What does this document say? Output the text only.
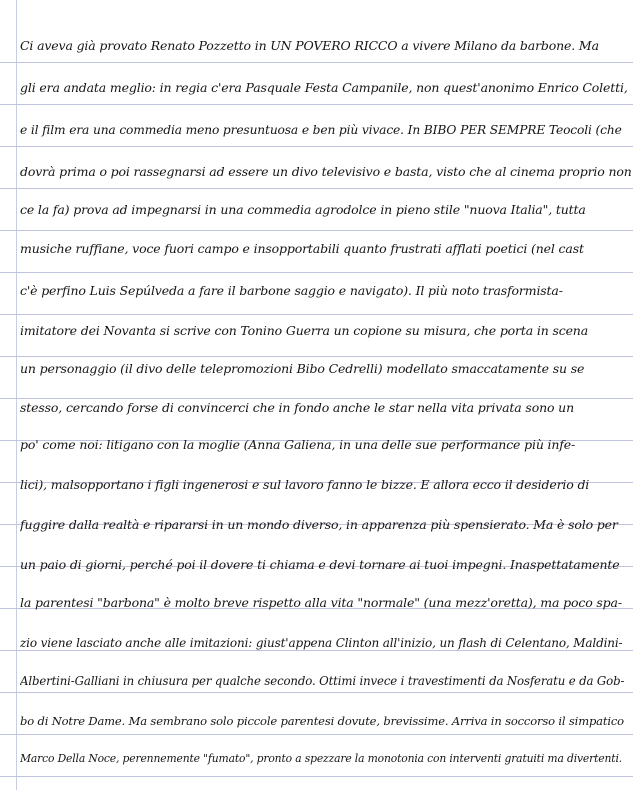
Ci aveva già provato Renato Pozzetto in UN POVERO RICCO a vivere Milano da barbone. Ma
gli era andata meglio: in regia c'era Pasquale Festa Campanile, non quest'anonimo Enrico Coletti,
e il film era una commedia meno presuntuosa e ben più vivace. In BIBO PER SEMPRE Teocoli (che
dovrà prima o poi rassegnarsi ad essere un divo televisivo e basta, visto che al cinema proprio non
ce la fa) prova ad impegnarsi in una commedia agrodolce in pieno stile "nuova Italia", tutta
musiche ruffiane, voce fuori campo e insopportabili quanto frustrati afflati poetici (nel cast
c'è perfino Luis Sepúlveda a fare il barbone saggio e navigato). Il più noto trasformista-
imitatore dei Novanta si scrive con Tonino Guerra un copione su misura, che porta in scena
un personaggio (il divo delle telepromozioni Bibo Cedrelli) modellato smaccatamente su se
stesso, cercando forse di convincerci che in fondo anche le star nella vita privata sono un
po' come noi: litigano con la moglie (Anna Galiena, in una delle sue performance più infe-
lici), malsopportano i figli ingenerosi e sul lavoro fanno le bizze. E allora ecco il desiderio di
fuggire dalla realtà e ripararsi in un mondo diverso, in apparenza più spensierato. Ma è solo per
un paio di giorni, perché poi il dovere ti chiama e devi tornare ai tuoi impegni. Inaspettatamente
la parentesi "barbona" è molto breve rispetto alla vita "normale" (una mezz'oretta), ma poco spa-
zio viene lasciato anche alle imitazioni: giust'appena Clinton all'inizio, un flash di Celentano, Maldini-
Albertini-Galliani in chiusura per qualche secondo. Ottimi invece i travestimenti da Nosferatu e da Gob-
bo di Notre Dame. Ma sembrano solo piccole parentesi dovute, brevissime. Arriva in soccorso il simpatico
Marco Della Noce, perennemente "fumato", pronto a spezzare la monotonia con interventi gratuiti ma divertenti.
